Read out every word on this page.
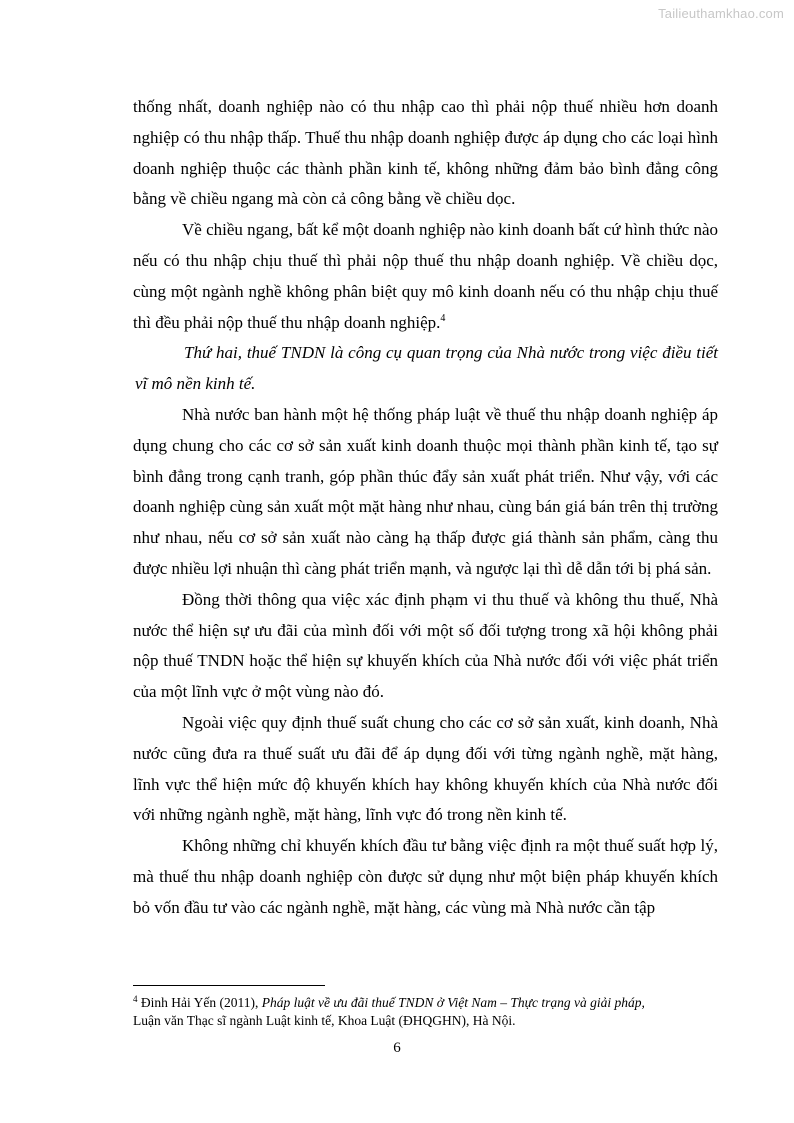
Tailieuthamkhao.com

thống nhất, doanh nghiệp nào có thu nhập cao thì phải nộp thuế nhiều hơn doanh nghiệp có thu nhập thấp. Thuế thu nhập doanh nghiệp được áp dụng cho các loại hình doanh nghiệp thuộc các thành phần kinh tế, không những đảm bảo bình đẳng công bằng về chiều ngang mà còn cả công bằng về chiều dọc.

Về chiều ngang, bất kể một doanh nghiệp nào kinh doanh bất cứ hình thức nào nếu có thu nhập chịu thuế thì phải nộp thuế thu nhập doanh nghiệp. Về chiều dọc, cùng một ngành nghề không phân biệt quy mô kinh doanh nếu có thu nhập chịu thuế thì đều phải nộp thuế thu nhập doanh nghiệp.$^4$

Thứ hai, thuế TNDN là công cụ quan trọng của Nhà nước trong việc điều tiết vĩ mô nền kinh tế.

Nhà nước ban hành một hệ thống pháp luật về thuế thu nhập doanh nghiệp áp dụng chung cho các cơ sở sản xuất kinh doanh thuộc mọi thành phần kinh tế, tạo sự bình đẳng trong cạnh tranh, góp phần thúc đẩy sản xuất phát triển. Như vậy, với các doanh nghiệp cùng sản xuất một mặt hàng như nhau, cùng bán giá bán trên thị trường như nhau, nếu cơ sở sản xuất nào càng hạ thấp được giá thành sản phẩm, càng thu được nhiều lợi nhuận thì càng phát triển mạnh, và ngược lại thì dễ dẫn tới bị phá sản.

Đồng thời thông qua việc xác định phạm vi thu thuế và không thu thuế, Nhà nước thể hiện sự ưu đãi của mình đối với một số đối tượng trong xã hội không phải nộp thuế TNDN hoặc thể hiện sự khuyến khích của Nhà nước đối với việc phát triển của một lĩnh vực ở một vùng nào đó.

Ngoài việc quy định thuế suất chung cho các cơ sở sản xuất, kinh doanh, Nhà nước cũng đưa ra thuế suất ưu đãi để áp dụng đối với từng ngành nghề, mặt hàng, lĩnh vực thể hiện mức độ khuyến khích hay không khuyến khích của Nhà nước đối với những ngành nghề, mặt hàng, lĩnh vực đó trong nền kinh tế.

Không những chỉ khuyến khích đầu tư bằng việc định ra một thuế suất hợp lý, mà thuế thu nhập doanh nghiệp còn được sử dụng như một biện pháp khuyến khích bỏ vốn đầu tư vào các ngành nghề, mặt hàng, các vùng mà Nhà nước cần tập

$^4$ Đinh Hải Yến (2011), Pháp luật về ưu đãi thuế TNDN ở Việt Nam – Thực trạng và giải pháp,
Luận văn Thạc sĩ ngành Luật kinh tế, Khoa Luật (ĐHQGHN), Hà Nội.
6
